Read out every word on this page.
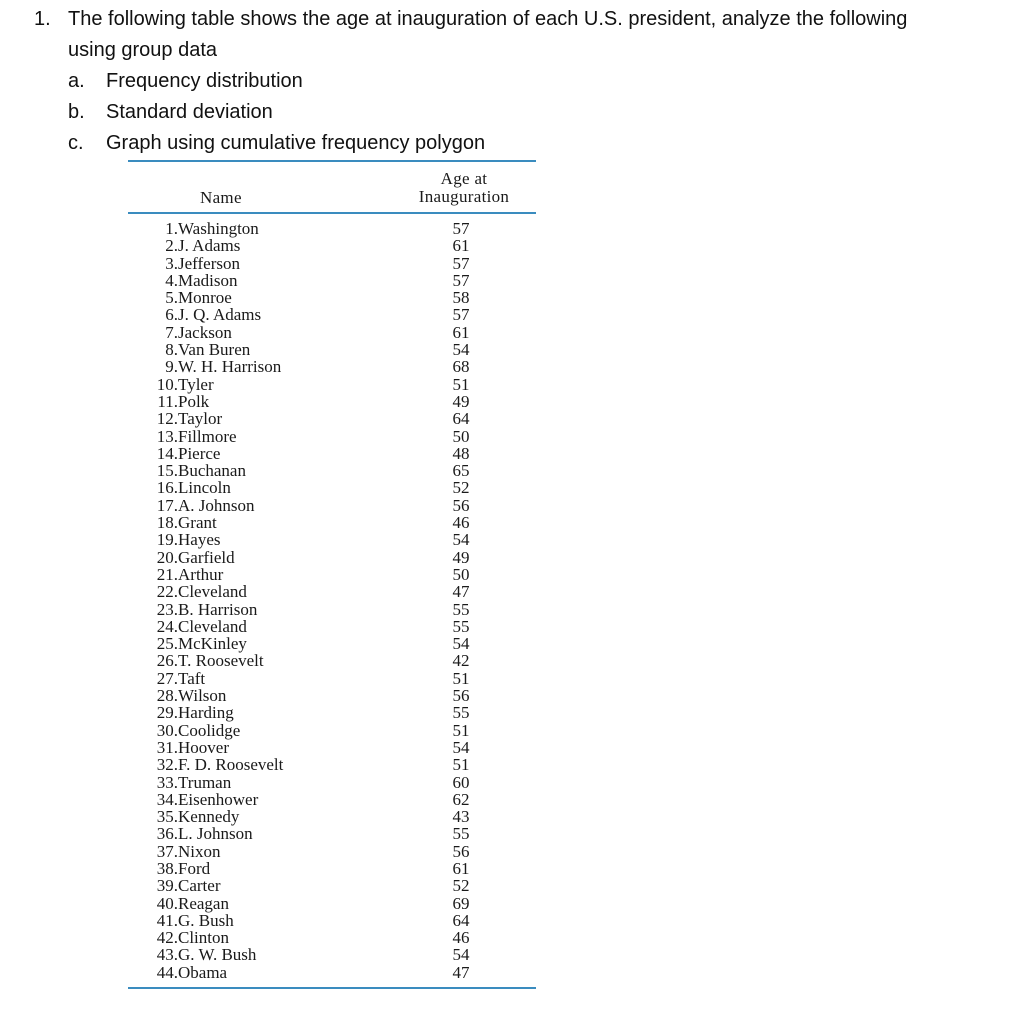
1. The following table shows the age at inauguration of each U.S. president, analyze the following
using group data
a. Frequency distribution
b. Standard deviation
c. Graph using cumulative frequency polygon
Name
Age at
Inauguration
1. Washington	57
2. J. Adams	61
3. Jefferson	57
4. Madison	57
5. Monroe	58
6. J. Q. Adams	57
7. Jackson	61
8. Van Buren	54
9. W. H. Harrison	68
10. Tyler	51
11. Polk	49
12. Taylor	64
13. Fillmore	50
14. Pierce	48
15. Buchanan	65
16. Lincoln	52
17. A. Johnson	56
18. Grant	46
19. Hayes	54
20. Garfield	49
21. Arthur	50
22. Cleveland	47
23. B. Harrison	55
24. Cleveland	55
25. McKinley	54
26. T. Roosevelt	42
27. Taft	51
28. Wilson	56
29. Harding	55
30. Coolidge	51
31. Hoover	54
32. F. D. Roosevelt	51
33. Truman	60
34. Eisenhower	62
35. Kennedy	43
36. L. Johnson	55
37. Nixon	56
38. Ford	61
39. Carter	52
40. Reagan	69
41. G. Bush	64
42. Clinton	46
43. G. W. Bush	54
44. Obama	47
